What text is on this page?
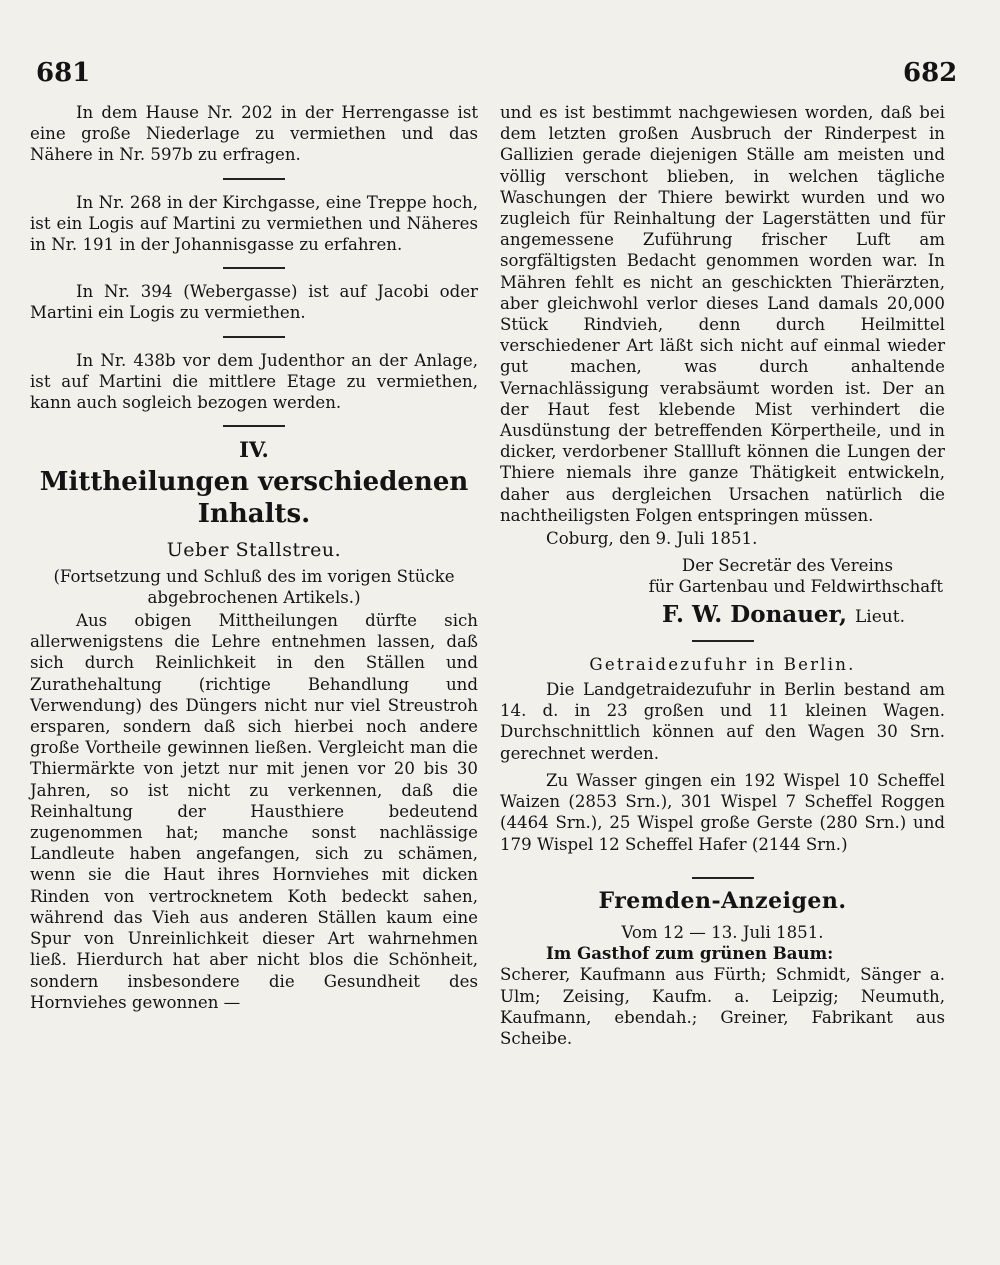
681	682

In dem Hause Nr. 202 in der Herrengasse ist eine große Niederlage zu vermiethen und das Nähere in Nr. 597b zu erfragen.

In Nr. 268 in der Kirchgasse, eine Treppe hoch, ist ein Logis auf Martini zu vermiethen und Näheres in Nr. 191 in der Johannisgasse zu erfahren.

In Nr. 394 (Webergasse) ist auf Jacobi oder Martini ein Logis zu vermiethen.

In Nr. 438b vor dem Judenthor an der Anlage, ist auf Martini die mittlere Etage zu vermiethen, kann auch sogleich bezogen werden.

IV.
Mittheilungen verschiedenen Inhalts.
Ueber Stallstreu.
(Fortsetzung und Schluß des im vorigen Stücke
abgebrochenen Artikels.)

Aus obigen Mittheilungen dürfte sich allerwenigstens die Lehre entnehmen lassen, daß sich durch Reinlichkeit in den Ställen und Zurathehaltung (richtige Behandlung und Verwendung) des Düngers nicht nur viel Streustroh ersparen, sondern daß sich hierbei noch andere große Vortheile gewinnen ließen. Vergleicht man die Thiermärkte von jetzt nur mit jenen vor 20 bis 30 Jahren, so ist nicht zu verkennen, daß die Reinhaltung der Hausthiere bedeutend zugenommen hat; manche sonst nachlässige Landleute haben angefangen, sich zu schämen, wenn sie die Haut ihres Hornviehes mit dicken Rinden von vertrocknetem Koth bedeckt sahen, während das Vieh aus anderen Ställen kaum eine Spur von Unreinlichkeit dieser Art wahrnehmen ließ. Hierdurch hat aber nicht blos die Schönheit, sondern insbesondere die Gesundheit des Hornviehes gewonnen —

und es ist bestimmt nachgewiesen worden, daß bei dem letzten großen Ausbruch der Rinderpest in Gallizien gerade diejenigen Ställe am meisten und völlig verschont blieben, in welchen tägliche Waschungen der Thiere bewirkt wurden und wo zugleich für Reinhaltung der Lagerstätten und für angemessene Zuführung frischer Luft am sorgfältigsten Bedacht genommen worden war. In Mähren fehlt es nicht an geschickten Thierärzten, aber gleichwohl verlor dieses Land damals 20,000 Stück Rindvieh, denn durch Heilmittel verschiedener Art läßt sich nicht auf einmal wieder gut machen, was durch anhaltende Vernachlässigung verabsäumt worden ist. Der an der Haut fest klebende Mist verhindert die Ausdünstung der betreffenden Körpertheile, und in dicker, verdorbener Stallluft können die Lungen der Thiere niemals ihre ganze Thätigkeit entwickeln, daher aus dergleichen Ursachen natürlich die nachtheiligsten Folgen entspringen müssen.

Coburg, den 9. Juli 1851.

Der Secretär des Vereins
für Gartenbau und Feldwirthschaft
F. W. Donauer, Lieut.
Getraidezufuhr in Berlin.

Die Landgetraidezufuhr in Berlin bestand am 14. d. in 23 großen und 11 kleinen Wagen. Durchschnittlich können auf den Wagen 30 Srn. gerechnet werden.

Zu Wasser gingen ein 192 Wispel 10 Scheffel Waizen (2853 Srn.), 301 Wispel 7 Scheffel Roggen (4464 Srn.), 25 Wispel große Gerste (280 Srn.) und 179 Wispel 12 Scheffel Hafer (2144 Srn.)

Fremden-Anzeigen.
Vom 12 — 13. Juli 1851.
Im Gasthof zum grünen Baum:

Scherer, Kaufmann aus Fürth; Schmidt, Sänger a. Ulm; Zeising, Kaufm. a. Leipzig; Neumuth, Kaufmann, ebendah.; Greiner, Fabrikant aus Scheibe.
